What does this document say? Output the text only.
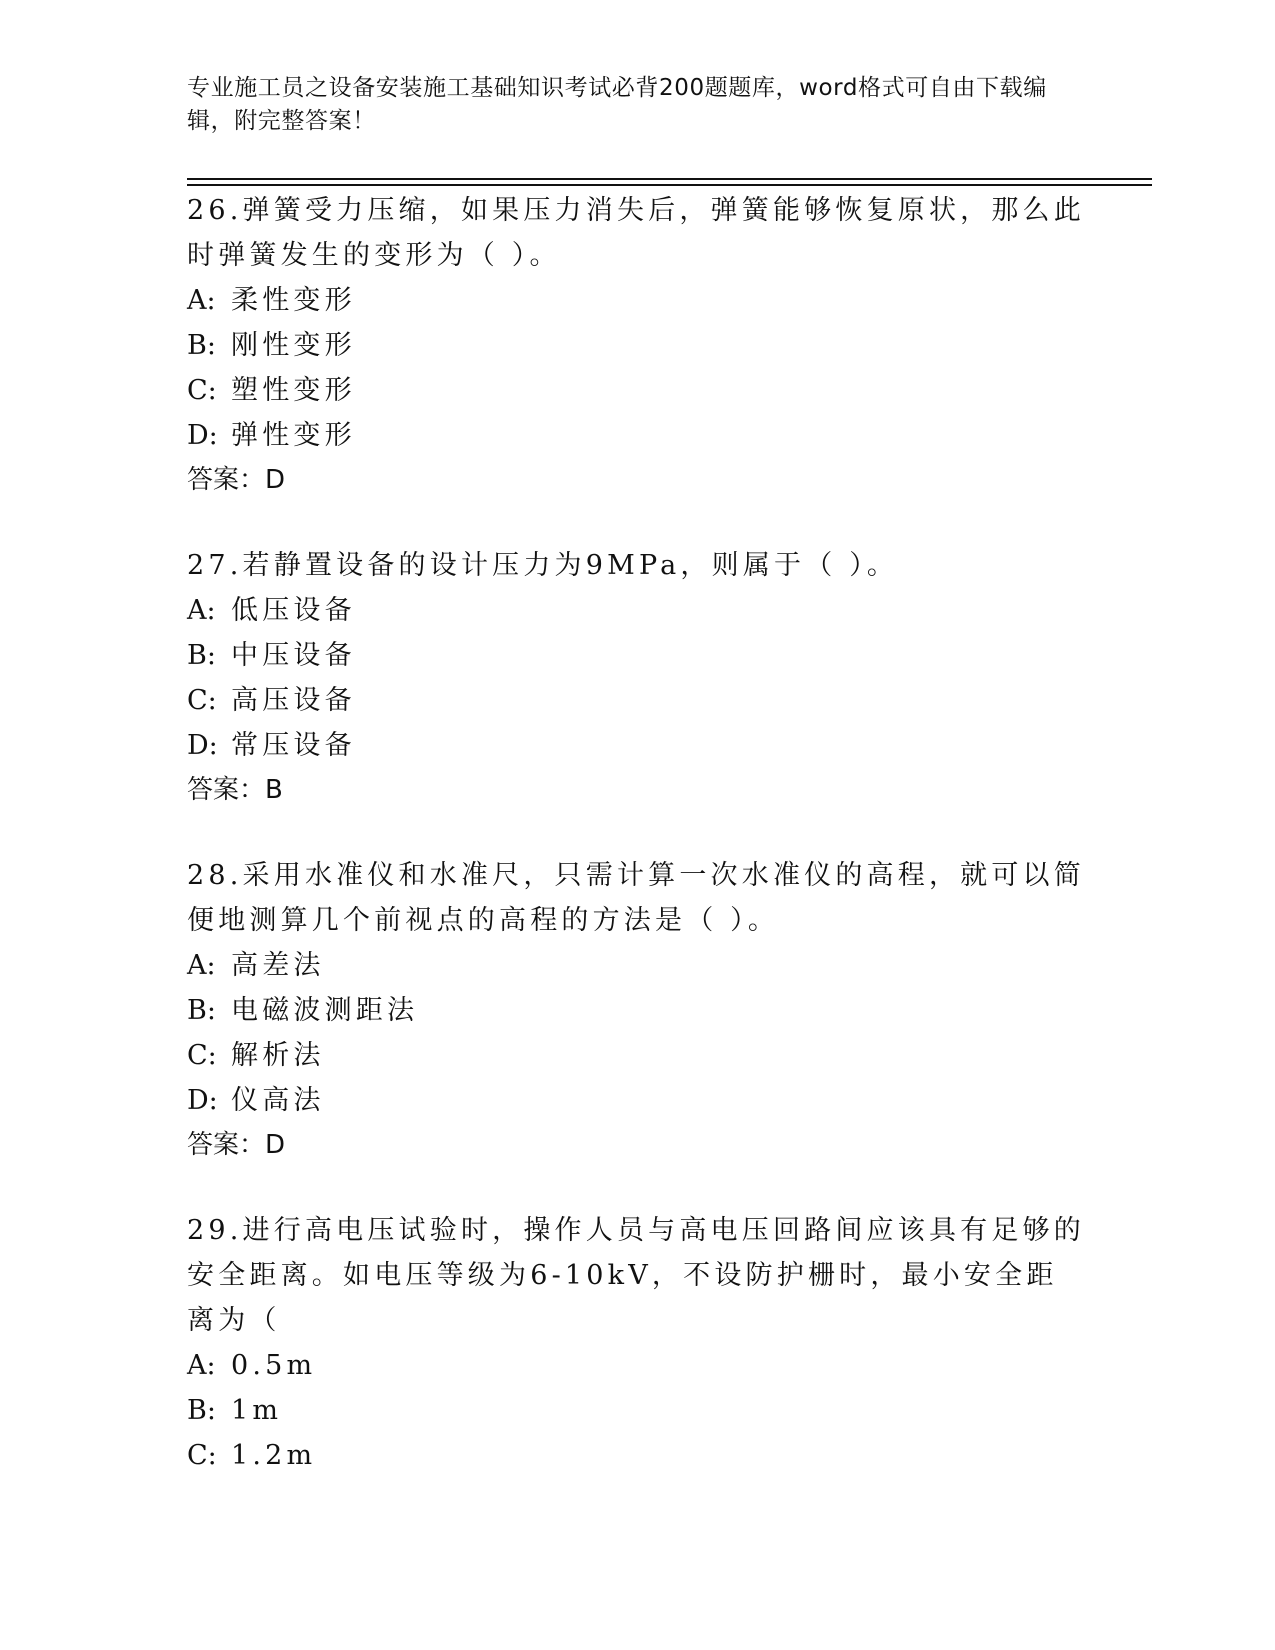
专业施工员之设备安装施工基础知识考试必背200题题库，word格式可自由下载编辑，附完整答案！

26.弹簧受力压缩，如果压力消失后，弹簧能够恢复原状，那么此时弹簧发生的变形为（ ）。

A: 柔性变形

B: 刚性变形

C: 塑性变形

D: 弹性变形

答案：D

27.若静置设备的设计压力为9MPa，则属于（ ）。

A: 低压设备

B: 中压设备

C: 高压设备

D: 常压设备

答案：B

28.采用水准仪和水准尺，只需计算一次水准仪的高程，就可以简便地测算几个前视点的高程的方法是（ ）。

A: 高差法

B: 电磁波测距法

C: 解析法

D: 仪高法

答案：D

29.进行高电压试验时，操作人员与高电压回路间应该具有足够的安全距离。如电压等级为6-10kV，不设防护栅时，最小安全距离为（

A: 0.5m

B: 1m

C: 1.2m
